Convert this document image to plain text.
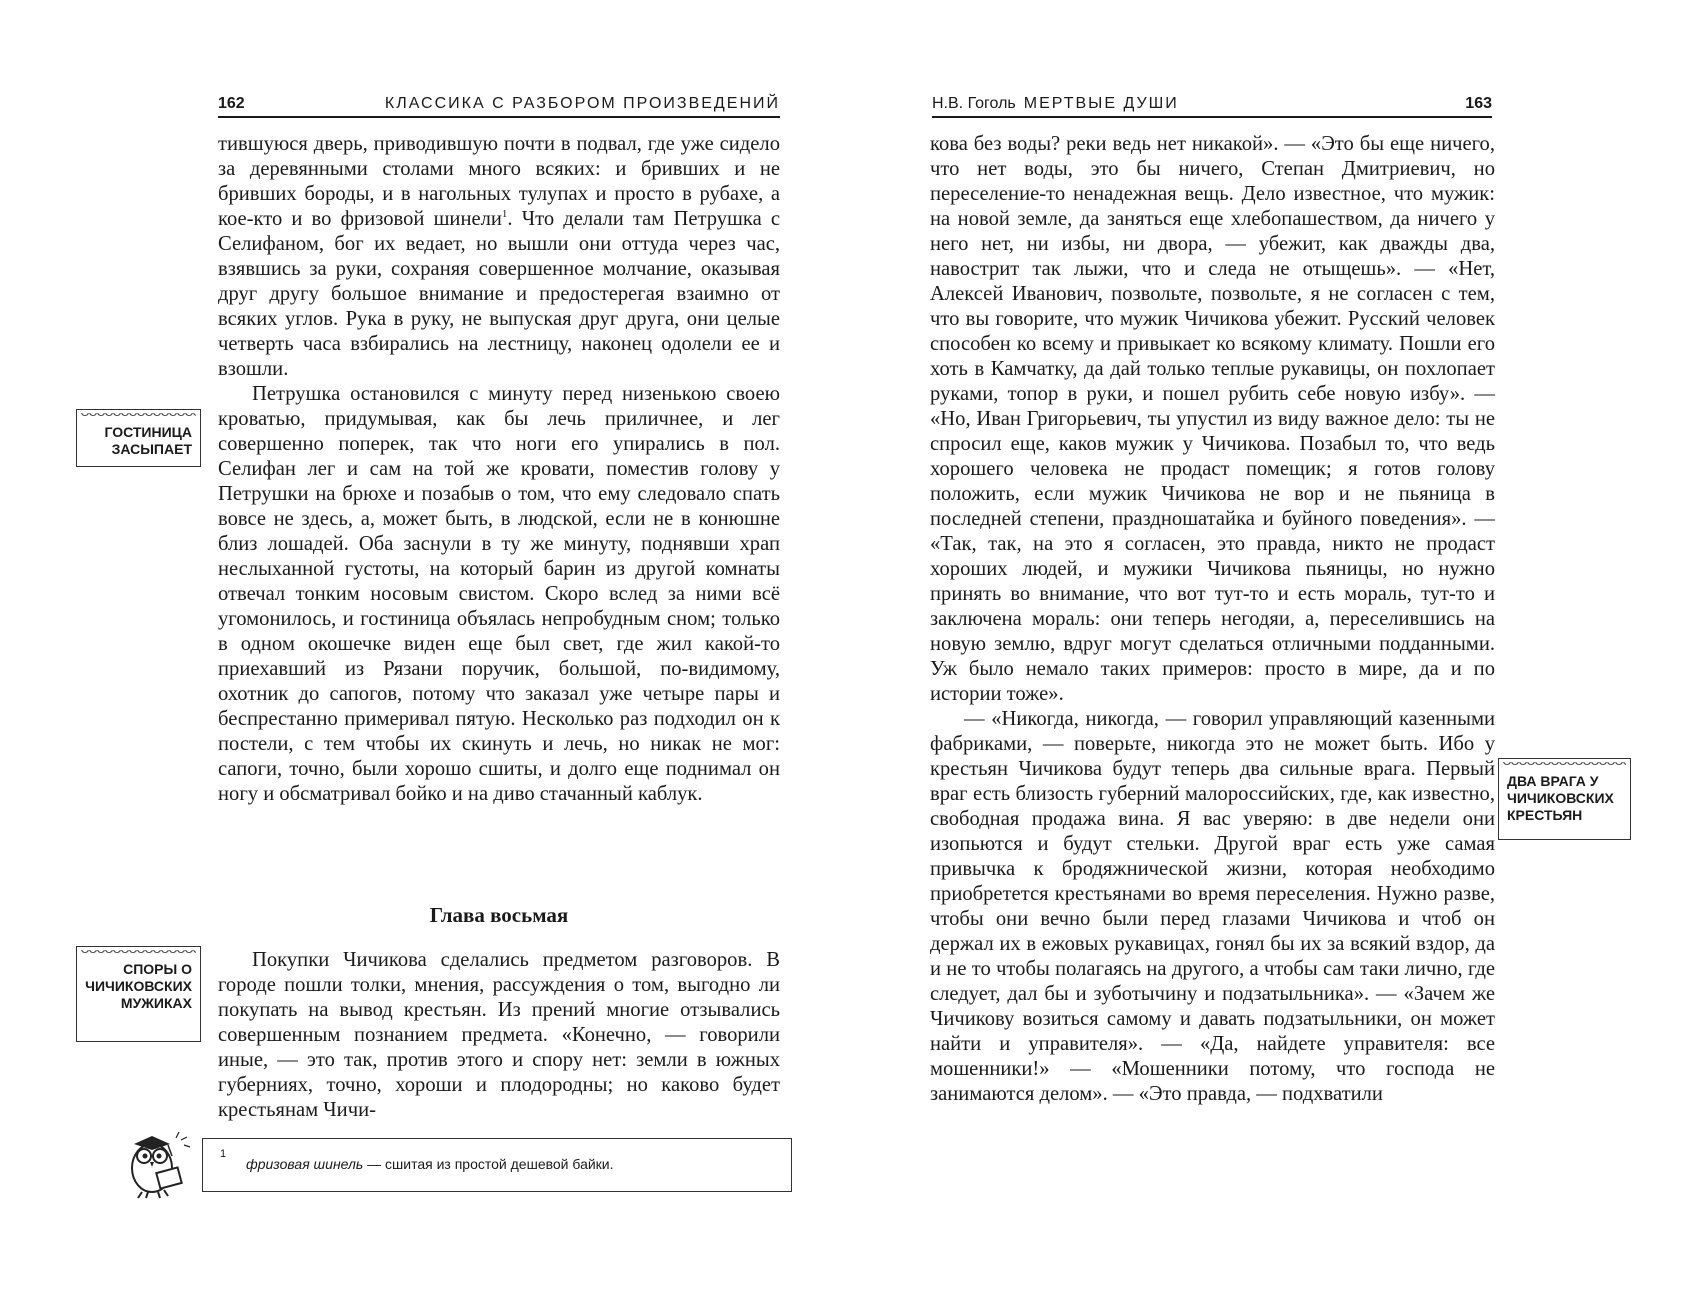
162	КЛАССИКА С РАЗБОРОМ ПРОИЗВЕДЕНИЙ

тившуюся дверь, приводившую почти в подвал, где уже сидело за деревянными столами много всяких: и бривших и не бривших бороды, и в нагольных тулупах и просто в рубахе, а кое-кто и во фризовой шинели$^1$. Что делали там Петрушка с Селифаном, бог их ведает, но вышли они оттуда через час, взявшись за руки, сохраняя совершенное молчание, оказывая друг другу большое внимание и предостерегая взаимно от всяких углов. Рука в руку, не выпуская друг друга, они целые четверть часа взбирались на лестницу, наконец одолели ее и взошли.

Петрушка остановился с минуту перед низенькою своею кроватью, придумывая, как бы лечь приличнее, и лег совершенно поперек, так что ноги его упирались в пол. Селифан лег и сам на той же кровати, поместив голову у Петрушки на брюхе и позабыв о том, что ему следовало спать вовсе не здесь, а, может быть, в людской, если не в конюшне близ лошадей. Оба заснули в ту же минуту, поднявши храп неслыханной густоты, на который барин из другой комнаты отвечал тонким носовым свистом. Скоро вслед за ними всё угомонилось, и гостиница объялась непробудным сном; только в одном окошечке виден еще был свет, где жил какой-то приехавший из Рязани поручик, большой, по-видимому, охотник до сапогов, потому что заказал уже четыре пары и беспрестанно примеривал пятую. Несколько раз подходил он к постели, с тем чтобы их скинуть и лечь, но никак не мог: сапоги, точно, были хорошо сшиты, и долго еще поднимал он ногу и обсматривал бойко и на диво стачанный каблук.

Глава восьмая

Покупки Чичикова сделались предметом разговоров. В городе пошли толки, мнения, рассуждения о том, выгодно ли покупать на вывод крестьян. Из прений многие отзывались совершенным познанием предмета. «Конечно, — говорили иные, — это так, против этого и спору нет: земли в южных губерниях, точно, хороши и плодородны; но каково будет крестьянам Чичи-

ГОСТИНИЦА ЗАСЫПАЕТ
СПОРЫ О ЧИЧИКОВСКИХ МУЖИКАХ
1
фризовая шинель — сшитая из простой дешевой байки.
Н.В. Гоголь МЕРТВЫЕ ДУШИ	163

кова без воды? реки ведь нет никакой». — «Это бы еще ничего, что нет воды, это бы ничего, Степан Дмитриевич, но переселение-то ненадежная вещь. Дело известное, что мужик: на новой земле, да заняться еще хлебопашеством, да ничего у него нет, ни избы, ни двора, — убежит, как дважды два, навострит так лыжи, что и следа не отыщешь». — «Нет, Алексей Иванович, позвольте, позвольте, я не согласен с тем, что вы говорите, что мужик Чичикова убежит. Русский человек способен ко всему и привыкает ко всякому климату. Пошли его хоть в Камчатку, да дай только теплые рукавицы, он похлопает руками, топор в руки, и пошел рубить себе новую избу». — «Но, Иван Григорьевич, ты упустил из виду важное дело: ты не спросил еще, каков мужик у Чичикова. Позабыл то, что ведь хорошего человека не продаст помещик; я готов голову положить, если мужик Чичикова не вор и не пьяница в последней степени, праздношатайка и буйного поведения». — «Так, так, на это я согласен, это правда, никто не продаст хороших людей, и мужики Чичикова пьяницы, но нужно принять во внимание, что вот тут-то и есть мораль, тут-то и заключена мораль: они теперь негодяи, а, переселившись на новую землю, вдруг могут сделаться отличными подданными. Уж было немало таких примеров: просто в мире, да и по истории тоже».

— «Никогда, никогда, — говорил управляющий казенными фабриками, — поверьте, никогда это не может быть. Ибо у крестьян Чичикова будут теперь два сильные врага. Первый враг есть близость губерний малороссийских, где, как известно, свободная продажа вина. Я вас уверяю: в две недели они изопьются и будут стельки. Другой враг есть уже самая привычка к бродяжнической жизни, которая необходимо приобретется крестьянами во время переселения. Нужно разве, чтобы они вечно были перед глазами Чичикова и чтоб он держал их в ежовых рукавицах, гонял бы их за всякий вздор, да и не то чтобы полагаясь на другого, а чтобы сам таки лично, где следует, дал бы и зуботычину и подзатыльника». — «Зачем же Чичикову возиться самому и давать подзатыльники, он может найти и управителя». — «Да, найдете управителя: все мошенники!» — «Мошенники потому, что господа не занимаются делом». — «Это правда, — подхватили

ДВА ВРАГА У ЧИЧИКОВСКИХ КРЕСТЬЯН
